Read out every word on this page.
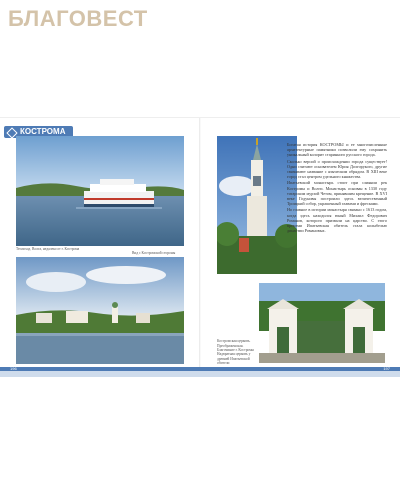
БЛАГОВЕСТ
КОСТРОМА
Теплоход. Волга, недалеко от г. Кострома
Вид с Костромской стороны

Богатая история КОСТРОМЫ и ее многочисленные архитектурные памятники позволили ему сохранить уникальный колорит старинного русского города.

Сколько версий о происхождении города существует! Одни считают основателем Юрия Долгорукого, другие связывают название с языческим обрядом. В XIII веке город стал центром удельного княжества.

Ипатьевский монастырь стоит при слиянии рек Костромы и Волги. Монастырь основан в 1330 году татарским мурзой Четом, принявшим крещение. В XVI веке Годуновы построили здесь величественный Троицкий собор, украшенный главами и фресками.

Но главное в истории монастыря связано с 1613 годом, когда здесь находился юный Михаил Федорович Романов, которого призвали на царство. С этого времени Ипатьевская обитель стала колыбелью династии Романовых.

Костромская церковь. Преображенская. Благочиние г. Костромы
Надвратная церковь у древней Ипатьевской обители
196	197
